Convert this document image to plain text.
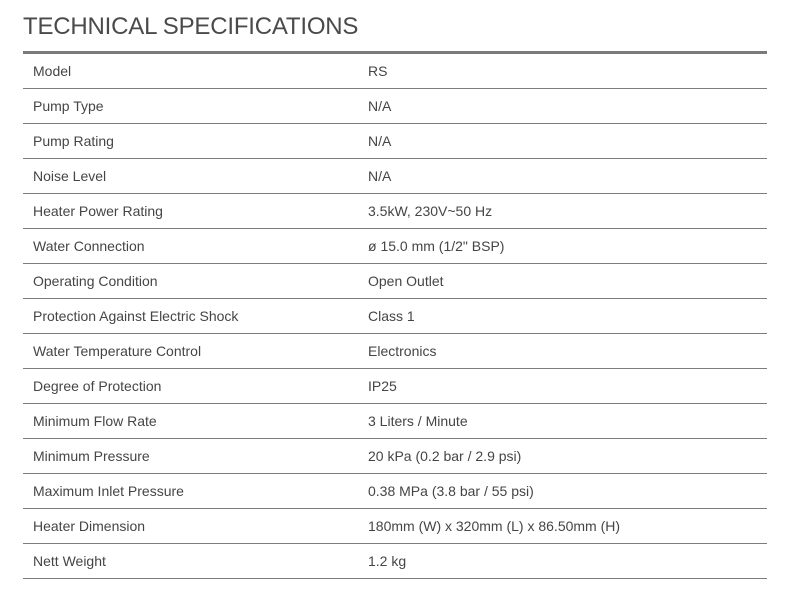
TECHNICAL SPECIFICATIONS
Model	RS
Pump Type	N/A
Pump Rating	N/A
Noise Level	N/A
Heater Power Rating	3.5kW, 230V~50 Hz
Water Connection	ø 15.0 mm (1/2" BSP)
Operating Condition	Open Outlet
Protection Against Electric Shock	Class 1
Water Temperature Control	Electronics
Degree of Protection	IP25
Minimum Flow Rate	3 Liters / Minute
Minimum Pressure	20 kPa (0.2 bar / 2.9 psi)
Maximum Inlet Pressure	0.38 MPa (3.8 bar / 55 psi)
Heater Dimension	180mm (W) x 320mm (L) x 86.50mm (H)
Nett Weight	1.2 kg
